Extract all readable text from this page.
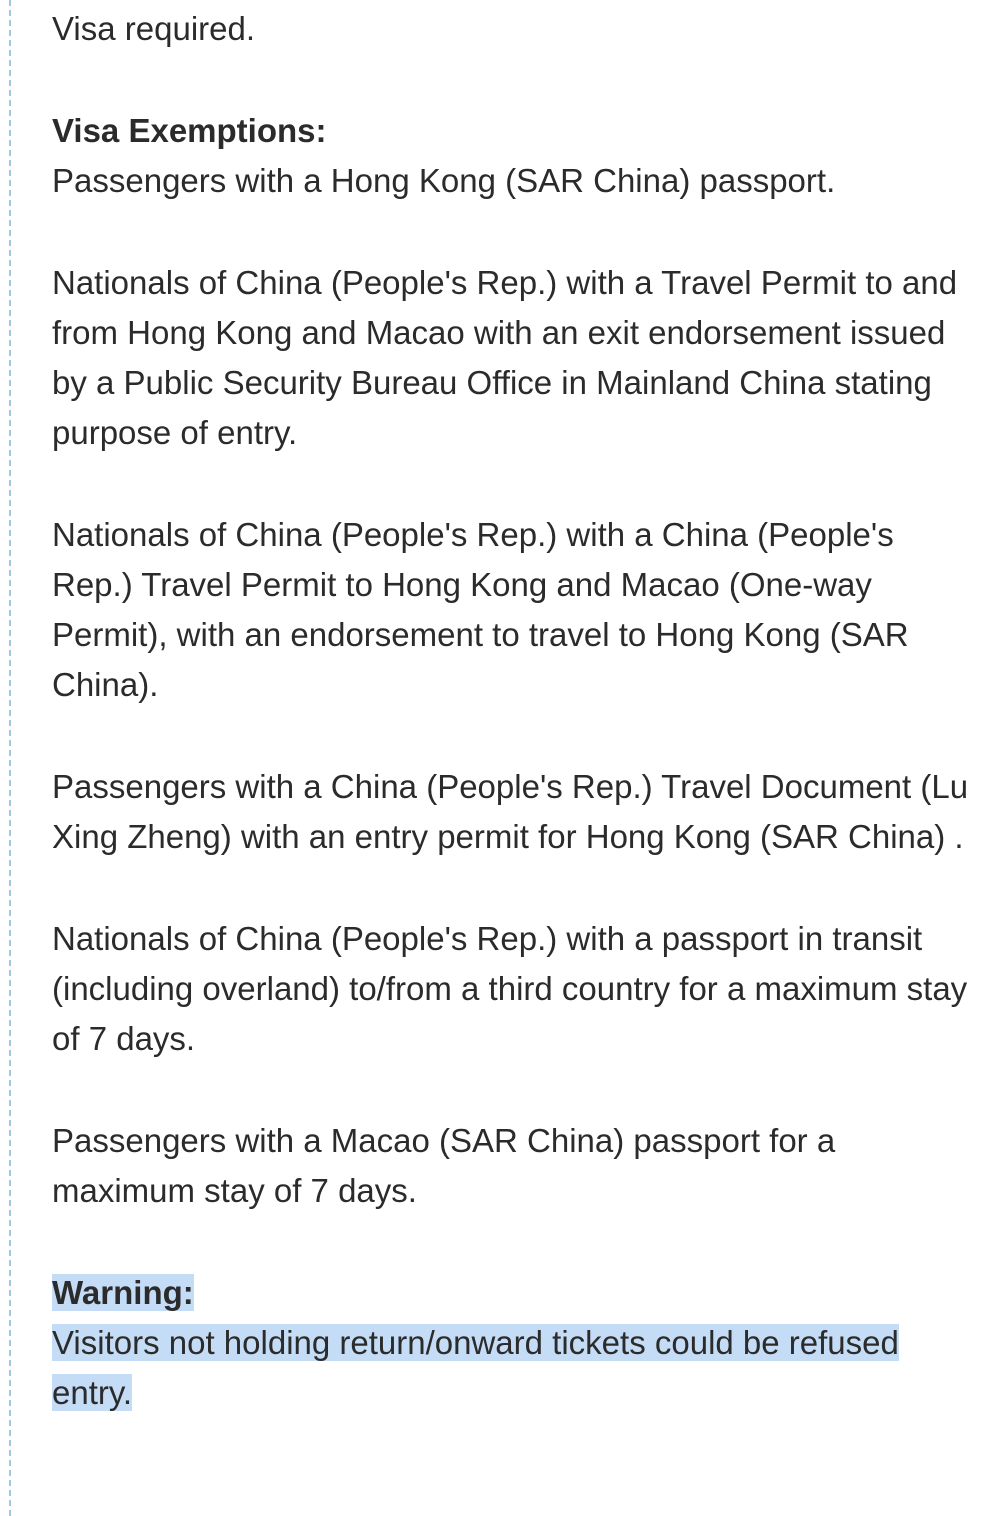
Visa required.

Visa Exemptions:
Passengers with a Hong Kong (SAR China) passport.

Nationals of China (People's Rep.) with a Travel Permit to and from Hong Kong and Macao with an exit endorsement issued by a Public Security Bureau Office in Mainland China stating purpose of entry.

Nationals of China (People's Rep.) with a China (People's Rep.) Travel Permit to Hong Kong and Macao (One-way Permit), with an endorsement to travel to Hong Kong (SAR China).

Passengers with a China (People's Rep.) Travel Document (Lu Xing Zheng) with an entry permit for Hong Kong (SAR China) .

Nationals of China (People's Rep.) with a passport in transit (including overland) to/from a third country for a maximum stay of 7 days.

Passengers with a Macao (SAR China) passport for a maximum stay of 7 days.

Warning:
Visitors not holding return/onward tickets could be refused entry.
